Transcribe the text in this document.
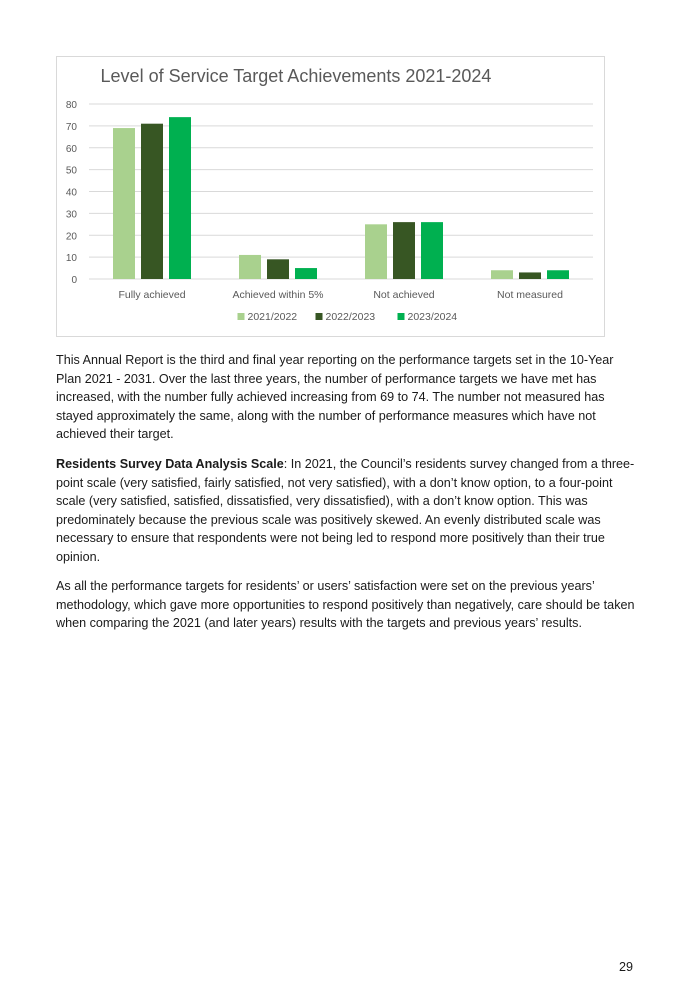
Level of Service Target Achievements 2021-2024
0
10
20
30
40
50
60
70
80
Fully achieved	Achieved within 5%	Not achieved	Not measured
2021/2022	2022/2023	2023/2024

This Annual Report is the third and final year reporting on the performance targets set in the 10-Year Plan 2021 - 2031. Over the last three years, the number of performance targets we have met has increased, with the number fully achieved increasing from 69 to 74. The number not measured has stayed approximately the same, along with the number of performance measures which have not achieved their target.

Residents Survey Data Analysis Scale: In 2021, the Council’s residents survey changed from a three-point scale (very satisfied, fairly satisfied, not very satisfied), with a don’t know option, to a four-point scale (very satisfied, satisfied, dissatisfied, very dissatisfied), with a don’t know option. This was predominately because the previous scale was positively skewed. An evenly distributed scale was necessary to ensure that respondents were not being led to respond more positively than their true opinion.

As all the performance targets for residents’ or users’ satisfaction were set on the previous years’ methodology, which gave more opportunities to respond positively than negatively, care should be taken when comparing the 2021 (and later years) results with the targets and previous years’ results.

29
